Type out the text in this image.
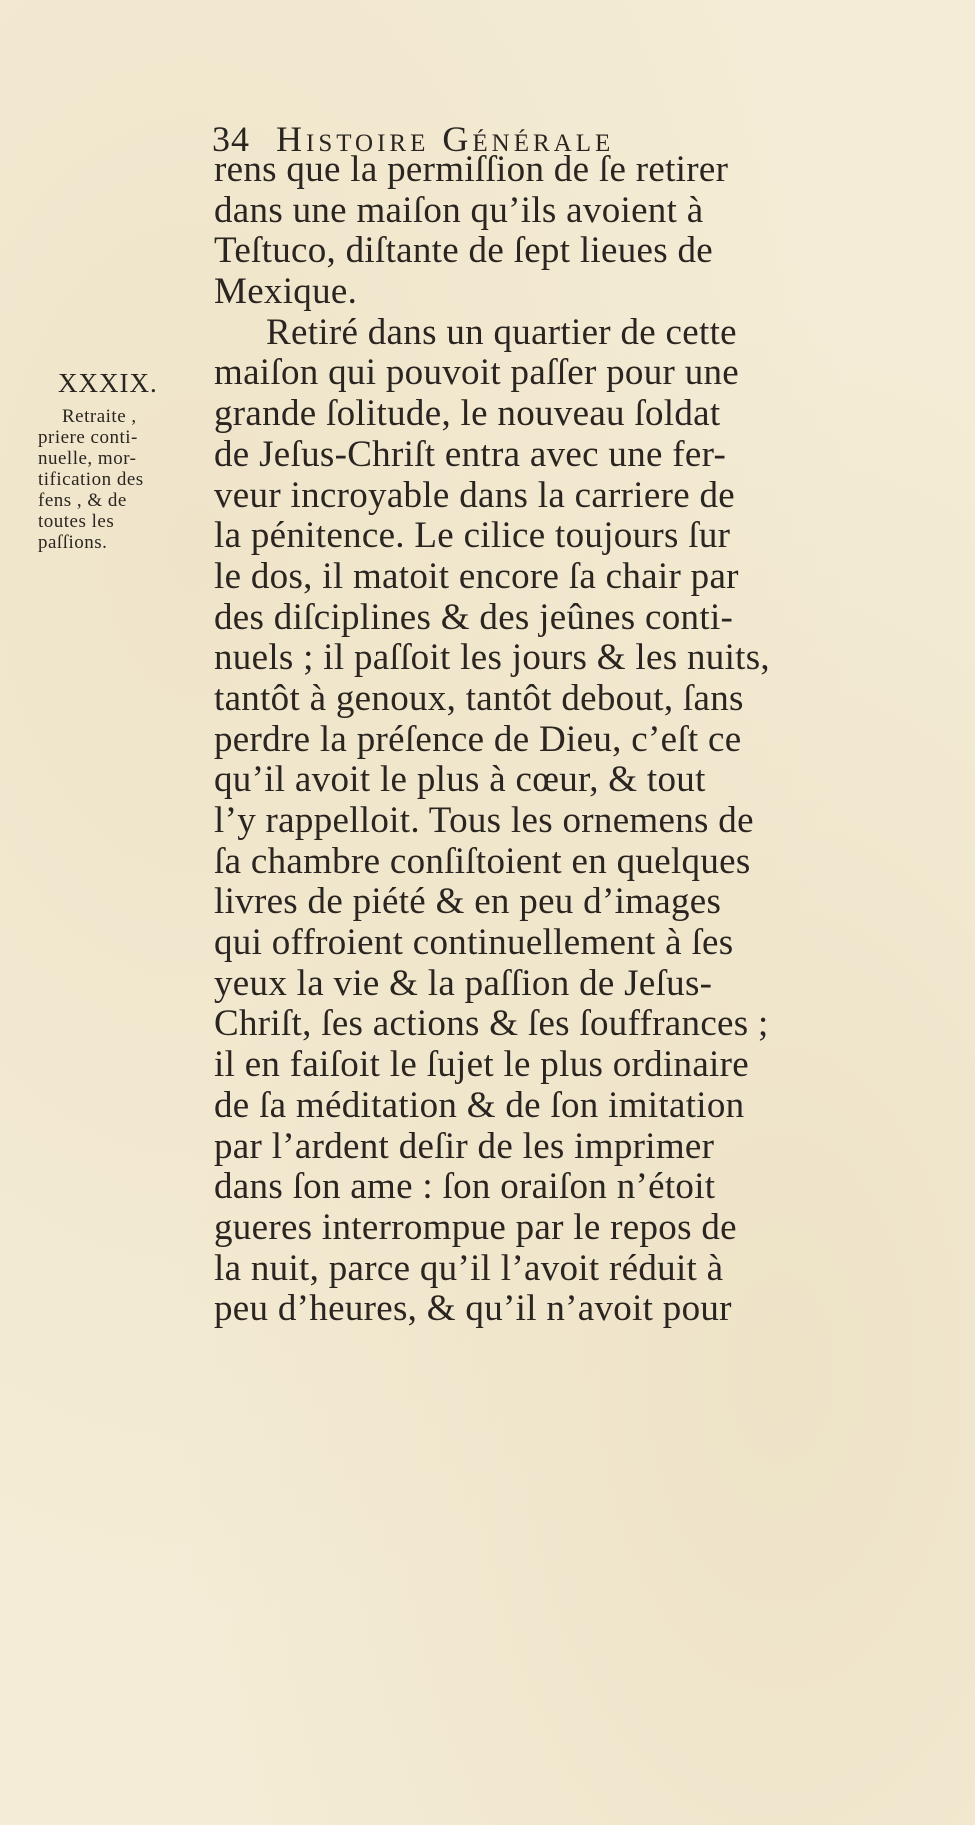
34 Histoire Générale
XXXIX.
Retraite ,
priere conti-
nuelle, mor-
tification des
fens , & de
toutes les
paſſions.
rens que la permiſſion de ſe retirer
dans une maiſon qu’ils avoient à
Teſtuco, diſtante de ſept lieues de
Mexique.
Retiré dans un quartier de cette
maiſon qui pouvoit paſſer pour une
grande ſolitude, le nouveau ſoldat
de Jeſus-Chriſt entra avec une fer-
veur incroyable dans la carriere de
la pénitence. Le cilice toujours ſur
le dos, il matoit encore ſa chair par
des diſciplines & des jeûnes conti-
nuels ; il paſſoit les jours & les nuits,
tantôt à genoux, tantôt debout, ſans
perdre la préſence de Dieu, c’eſt ce
qu’il avoit le plus à cœur, & tout
l’y rappelloit. Tous les ornemens de
ſa chambre conſiſtoient en quelques
livres de piété & en peu d’images
qui offroient continuellement à ſes
yeux la vie & la paſſion de Jeſus-
Chriſt, ſes actions & ſes ſouffrances ;
il en faiſoit le ſujet le plus ordinaire
de ſa méditation & de ſon imitation
par l’ardent deſir de les imprimer
dans ſon ame : ſon oraiſon n’étoit
gueres interrompue par le repos de
la nuit, parce qu’il l’avoit réduit à
peu d’heures, & qu’il n’avoit pour
